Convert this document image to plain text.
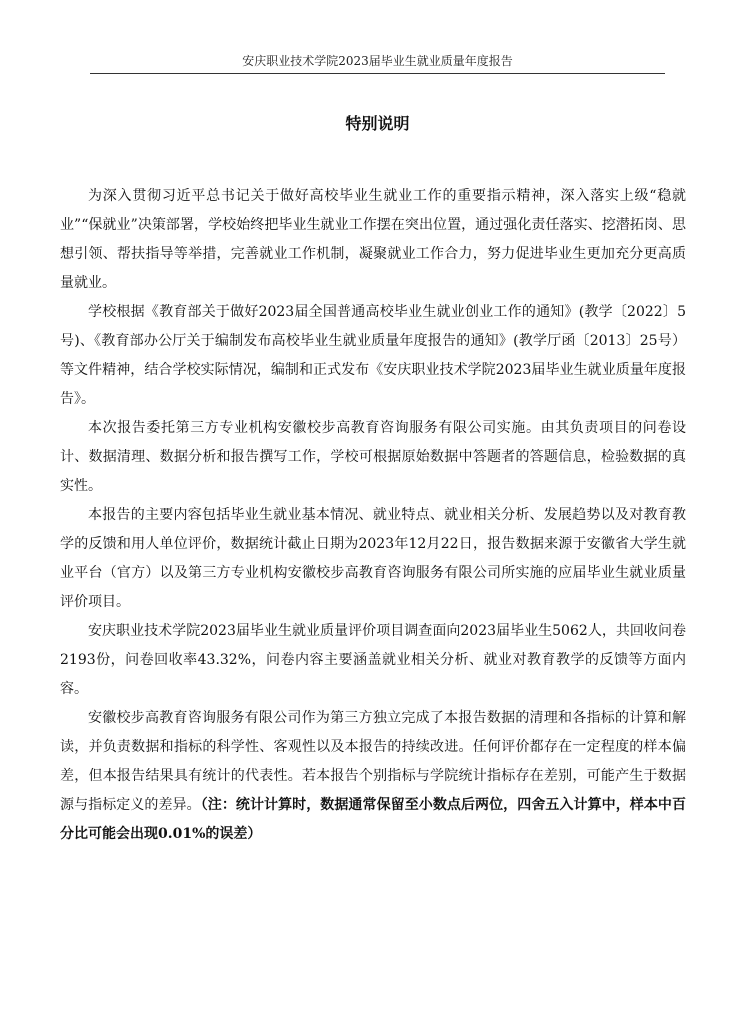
安庆职业技术学院2023届毕业生就业质量年度报告
特别说明

为深入贯彻习近平总书记关于做好高校毕业生就业工作的重要指示精神，深入落实上级“稳就业”“保就业”决策部署，学校始终把毕业生就业工作摆在突出位置，通过强化责任落实、挖潜拓岗、思想引领、帮扶指导等举措，完善就业工作机制，凝聚就业工作合力，努力促进毕业生更加充分更高质量就业。

学校根据《教育部关于做好2023届全国普通高校毕业生就业创业工作的通知》(教学〔2022〕5号)、《教育部办公厅关于编制发布高校毕业生就业质量年度报告的通知》(教学厅函〔2013〕25号）等文件精神，结合学校实际情况，编制和正式发布《安庆职业技术学院2023届毕业生就业质量年度报告》。

本次报告委托第三方专业机构安徽校步高教育咨询服务有限公司实施。由其负责项目的问卷设计、数据清理、数据分析和报告撰写工作，学校可根据原始数据中答题者的答题信息，检验数据的真实性。

本报告的主要内容包括毕业生就业基本情况、就业特点、就业相关分析、发展趋势以及对教育教学的反馈和用人单位评价，数据统计截止日期为2023年12月22日，报告数据来源于安徽省大学生就业平台（官方）以及第三方专业机构安徽校步高教育咨询服务有限公司所实施的应届毕业生就业质量评价项目。

安庆职业技术学院2023届毕业生就业质量评价项目调查面向2023届毕业生5062人，共回收问卷2193份，问卷回收率43.32%，问卷内容主要涵盖就业相关分析、就业对教育教学的反馈等方面内容。

安徽校步高教育咨询服务有限公司作为第三方独立完成了本报告数据的清理和各指标的计算和解读，并负责数据和指标的科学性、客观性以及本报告的持续改进。任何评价都存在一定程度的样本偏差，但本报告结果具有统计的代表性。若本报告个别指标与学院统计指标存在差别，可能产生于数据源与指标定义的差异。（注：统计计算时，数据通常保留至小数点后两位，四舍五入计算中，样本中百分比可能会出现0.01%的误差）
